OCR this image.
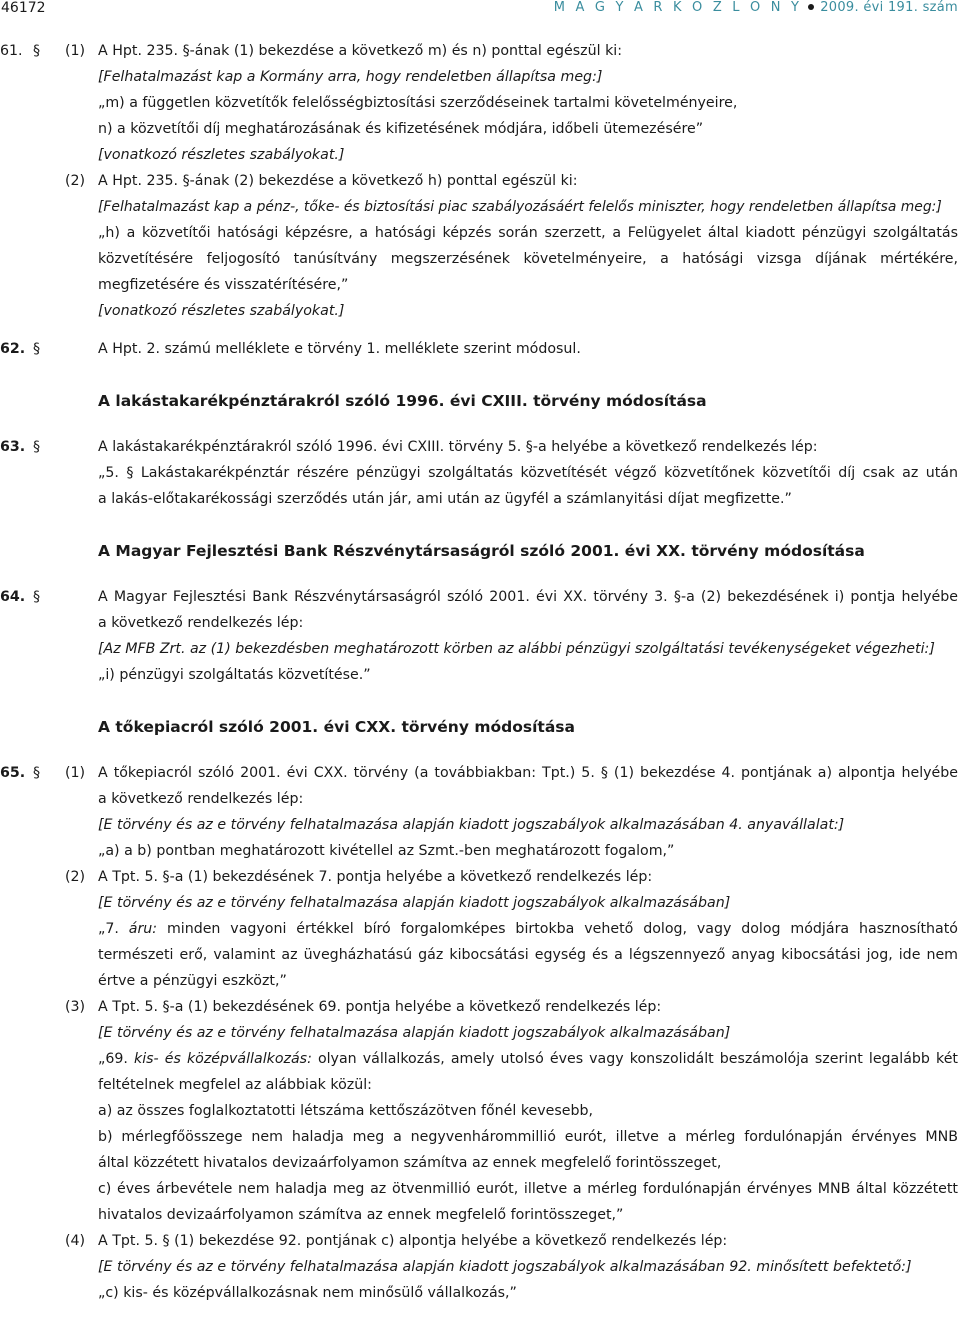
46172	M A G Y A R K Ö Z L Ö N Y 2009. évi 191. szám
61. § (1) A Hpt. 235. §-ának (1) bekezdése a következő m) és n) ponttal egészül ki:
[Felhatalmazást kap a Kormány arra, hogy rendeletben állapítsa meg:]
„m) a független közvetítők felelősségbiztosítási szerződéseinek tartalmi követelményeire,
n) a közvetítői díj meghatározásának és kifizetésének módjára, időbeli ütemezésére”
[vonatkozó részletes szabályokat.]
(2) A Hpt. 235. §-ának (2) bekezdése a következő h) ponttal egészül ki:
[Felhatalmazást kap a pénz-, tőke- és biztosítási piac szabályozásáért felelős miniszter, hogy rendeletben állapítsa meg:]
„h) a közvetítői hatósági képzésre, a hatósági képzés során szerzett, a Felügyelet által kiadott pénzügyi szolgáltatás
közvetítésére feljogosító tanúsítvány megszerzésének követelményeire, a hatósági vizsga díjának mértékére,
megfizetésére és visszatérítésére,”
[vonatkozó részletes szabályokat.]
62. §	A Hpt. 2. számú melléklete e törvény 1. melléklete szerint módosul.
A lakástakarékpénztárakról szóló 1996. évi CXIII. törvény módosítása
63. §	A lakástakarékpénztárakról szóló 1996. évi CXIII. törvény 5. §-a helyébe a következő rendelkezés lép:
„5. § Lakástakarékpénztár részére pénzügyi szolgáltatás közvetítését végző közvetítőnek közvetítői díj csak az után
a lakás-előtakarékossági szerződés után jár, ami után az ügyfél a számlanyitási díjat megfizette.”
A Magyar Fejlesztési Bank Részvénytársaságról szóló 2001. évi XX. törvény módosítása
64. §	A Magyar Fejlesztési Bank Részvénytársaságról szóló 2001. évi XX. törvény 3. §-a (2) bekezdésének i) pontja helyébe
a következő rendelkezés lép:
[Az MFB Zrt. az (1) bekezdésben meghatározott körben az alábbi pénzügyi szolgáltatási tevékenységeket végezheti:]
„i) pénzügyi szolgáltatás közvetítése.”
A tőkepiacról szóló 2001. évi CXX. törvény módosítása
65. § (1) A tőkepiacról szóló 2001. évi CXX. törvény (a továbbiakban: Tpt.) 5. § (1) bekezdése 4. pontjának a) alpontja helyébe
a következő rendelkezés lép:
[E törvény és az e törvény felhatalmazása alapján kiadott jogszabályok alkalmazásában 4. anyavállalat:]
„a) a b) pontban meghatározott kivétellel az Szmt.-ben meghatározott fogalom,”
(2) A Tpt. 5. §-a (1) bekezdésének 7. pontja helyébe a következő rendelkezés lép:
[E törvény és az e törvény felhatalmazása alapján kiadott jogszabályok alkalmazásában]
„7. áru: minden vagyoni értékkel bíró forgalomképes birtokba vehető dolog, vagy dolog módjára hasznosítható
természeti erő, valamint az üvegházhatású gáz kibocsátási egység és a légszennyező anyag kibocsátási jog, ide nem
értve a pénzügyi eszközt,”
(3) A Tpt. 5. §-a (1) bekezdésének 69. pontja helyébe a következő rendelkezés lép:
[E törvény és az e törvény felhatalmazása alapján kiadott jogszabályok alkalmazásában]
„69. kis- és középvállalkozás: olyan vállalkozás, amely utolsó éves vagy konszolidált beszámolója szerint legalább két
feltételnek megfelel az alábbiak közül:
a) az összes foglalkoztatotti létszáma kettőszázötven főnél kevesebb,
b) mérlegfőösszege nem haladja meg a negyvenhárommillió eurót, illetve a mérleg fordulónapján érvényes MNB
által közzétett hivatalos devizaárfolyamon számítva az ennek megfelelő forintösszeget,
c) éves árbevétele nem haladja meg az ötvenmillió eurót, illetve a mérleg fordulónapján érvényes MNB által közzétett
hivatalos devizaárfolyamon számítva az ennek megfelelő forintösszeget,”
(4) A Tpt. 5. § (1) bekezdése 92. pontjának c) alpontja helyébe a következő rendelkezés lép:
[E törvény és az e törvény felhatalmazása alapján kiadott jogszabályok alkalmazásában 92. minősített befektető:]
„c) kis- és középvállalkozásnak nem minősülő vállalkozás,”
